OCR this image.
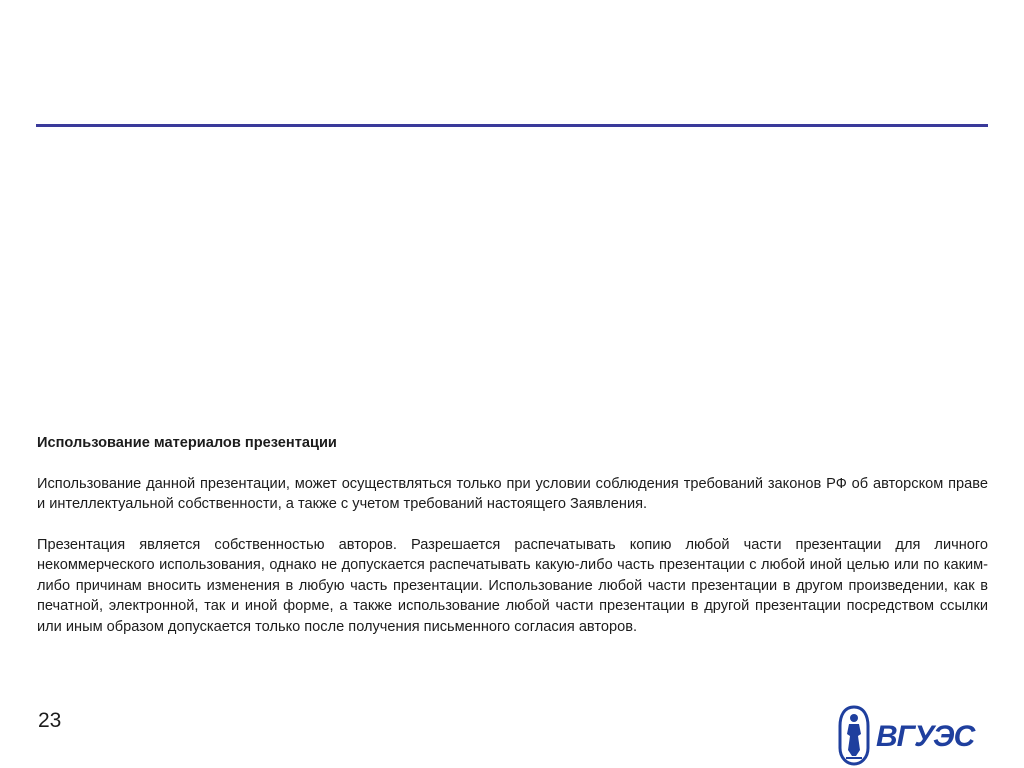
Использование материалов презентации

Использование данной презентации, может осуществляться только при условии соблюдения требований законов РФ об авторском праве и интеллектуальной собственности, а также с учетом требований настоящего Заявления.

Презентация является собственностью авторов. Разрешается распечатывать копию любой части презентации для личного некоммерческого использования, однако не допускается распечатывать какую-либо часть презентации с любой иной целью или по каким-либо причинам вносить изменения в любую часть презентации. Использование любой части презентации в другом произведении, как в печатной, электронной, так и иной форме, а также использование любой части презентации в другой презентации посредством ссылки или иным образом допускается только после получения письменного согласия авторов.

23	ВГУЭС
